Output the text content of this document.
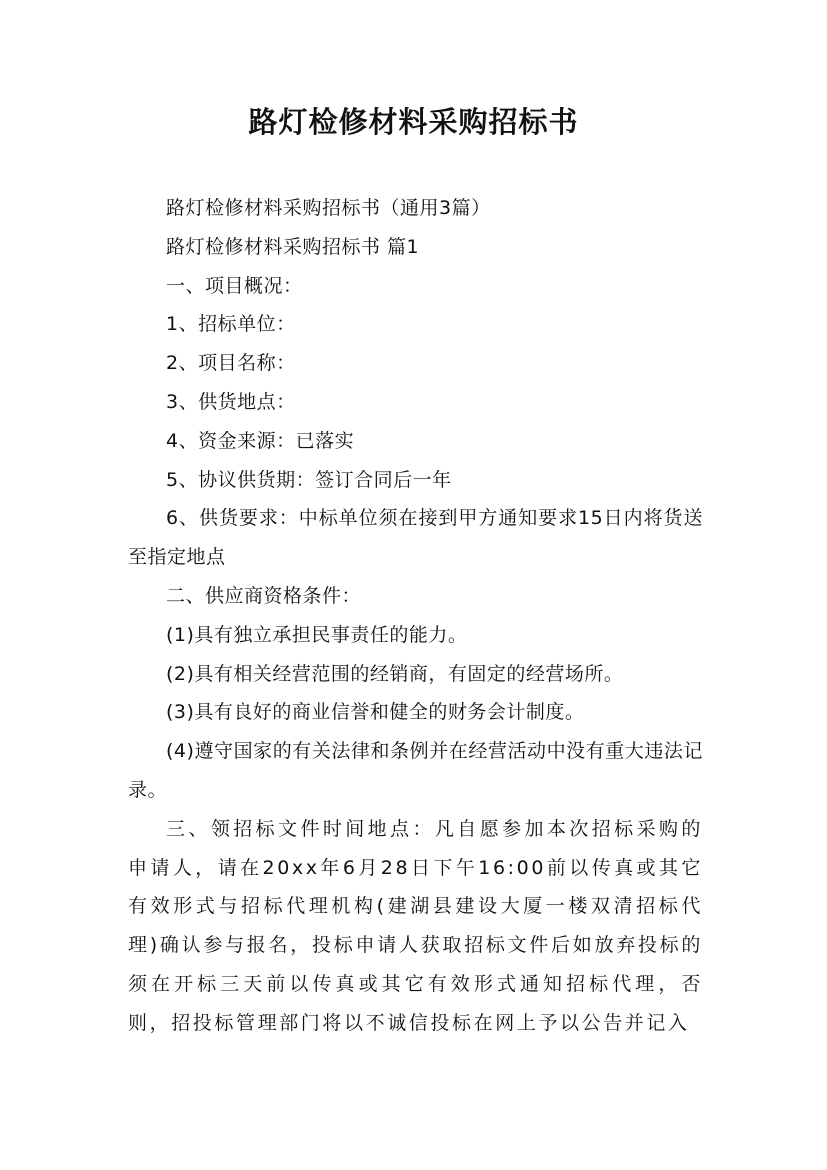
路灯检修材料采购招标书

路灯检修材料采购招标书（通用3篇）

路灯检修材料采购招标书 篇1

一、项目概况：

1、招标单位：

2、项目名称：

3、供货地点：

4、资金来源：已落实

5、协议供货期：签订合同后一年

6、供货要求：中标单位须在接到甲方通知要求15日内将货送至指定地点

二、供应商资格条件：

(1)具有独立承担民事责任的能力。

(2)具有相关经营范围的经销商，有固定的经营场所。

(3)具有良好的商业信誉和健全的财务会计制度。

(4)遵守国家的有关法律和条例并在经营活动中没有重大违法记录。

三、领招标文件时间地点：凡自愿参加本次招标采购的申请人，请在20xx年6月28日下午16:00前以传真或其它有效形式与招标代理机构(建湖县建设大厦一楼双清招标代理)确认参与报名，投标申请人获取招标文件后如放弃投标的须在开标三天前以传真或其它有效形式通知招标代理，否则，招投标管理部门将以不诚信投标在网上予以公告并记入
